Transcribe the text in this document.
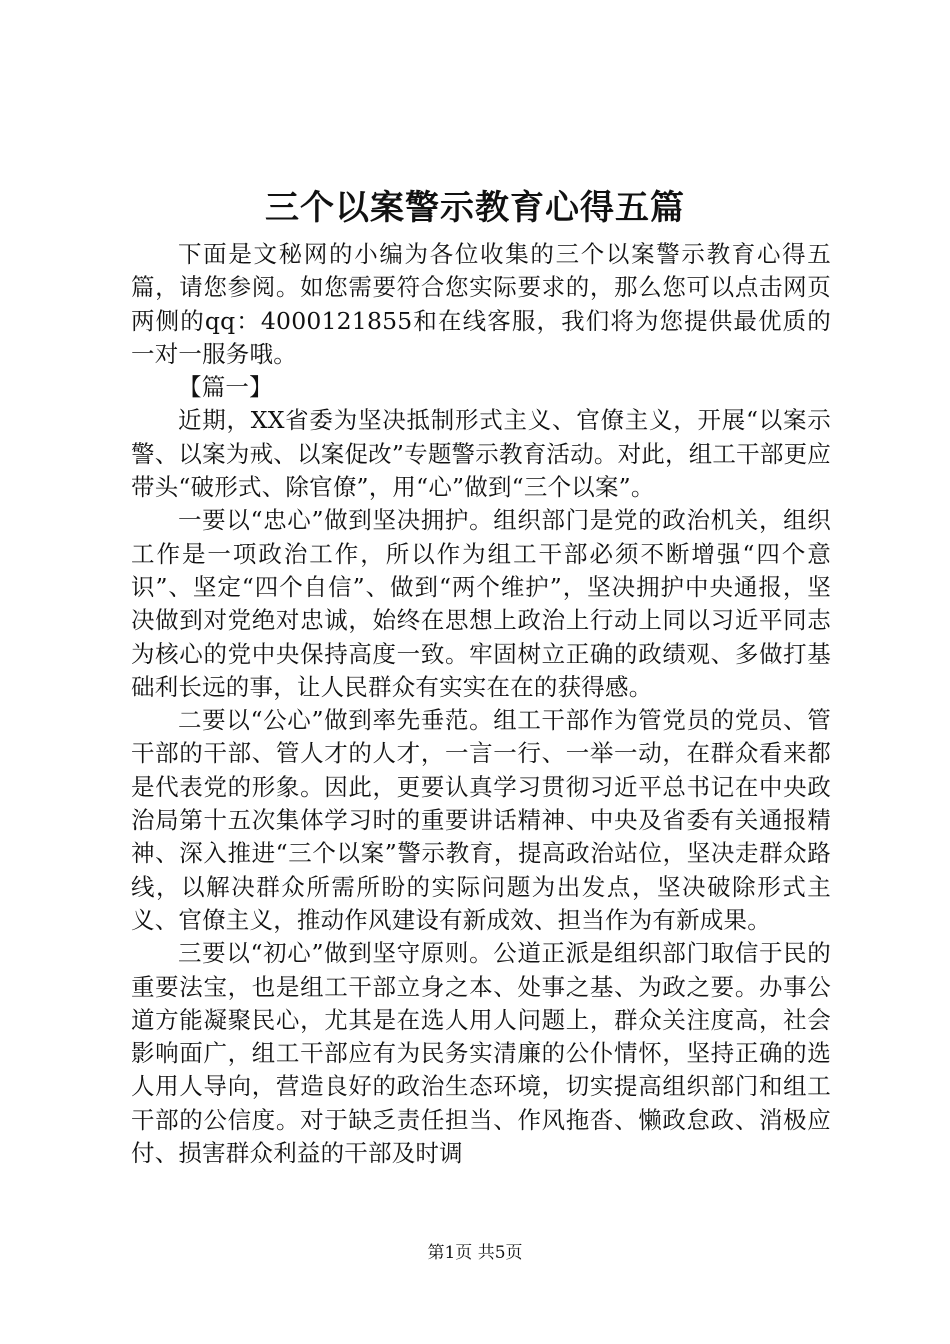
三个以案警示教育心得五篇

下面是文秘网的小编为各位收集的三个以案警示教育心得五篇，请您参阅。如您需要符合您实际要求的，那么您可以点击网页两侧的qq：4000121855和在线客服，我们将为您提供最优质的一对一服务哦。

【篇一】

近期，XX省委为坚决抵制形式主义、官僚主义，开展“以案示警、以案为戒、以案促改”专题警示教育活动。对此，组工干部更应带头“破形式、除官僚”，用“心”做到“三个以案”。

一要以“忠心”做到坚决拥护。组织部门是党的政治机关，组织工作是一项政治工作，所以作为组工干部必须不断增强“四个意识”、坚定“四个自信”、做到“两个维护”，坚决拥护中央通报，坚决做到对党绝对忠诚，始终在思想上政治上行动上同以习近平同志为核心的党中央保持高度一致。牢固树立正确的政绩观、多做打基础利长远的事，让人民群众有实实在在的获得感。

二要以“公心”做到率先垂范。组工干部作为管党员的党员、管干部的干部、管人才的人才，一言一行、一举一动，在群众看来都是代表党的形象。因此，更要认真学习贯彻习近平总书记在中央政治局第十五次集体学习时的重要讲话精神、中央及省委有关通报精神、深入推进“三个以案”警示教育，提高政治站位，坚决走群众路线，以解决群众所需所盼的实际问题为出发点，坚决破除形式主义、官僚主义，推动作风建设有新成效、担当作为有新成果。

三要以“初心”做到坚守原则。公道正派是组织部门取信于民的重要法宝，也是组工干部立身之本、处事之基、为政之要。办事公道方能凝聚民心，尤其是在选人用人问题上，群众关注度高，社会影响面广，组工干部应有为民务实清廉的公仆情怀，坚持正确的选人用人导向，营造良好的政治生态环境，切实提高组织部门和组工干部的公信度。对于缺乏责任担当、作风拖沓、懒政怠政、消极应付、损害群众利益的干部及时调

第1页 共5页
